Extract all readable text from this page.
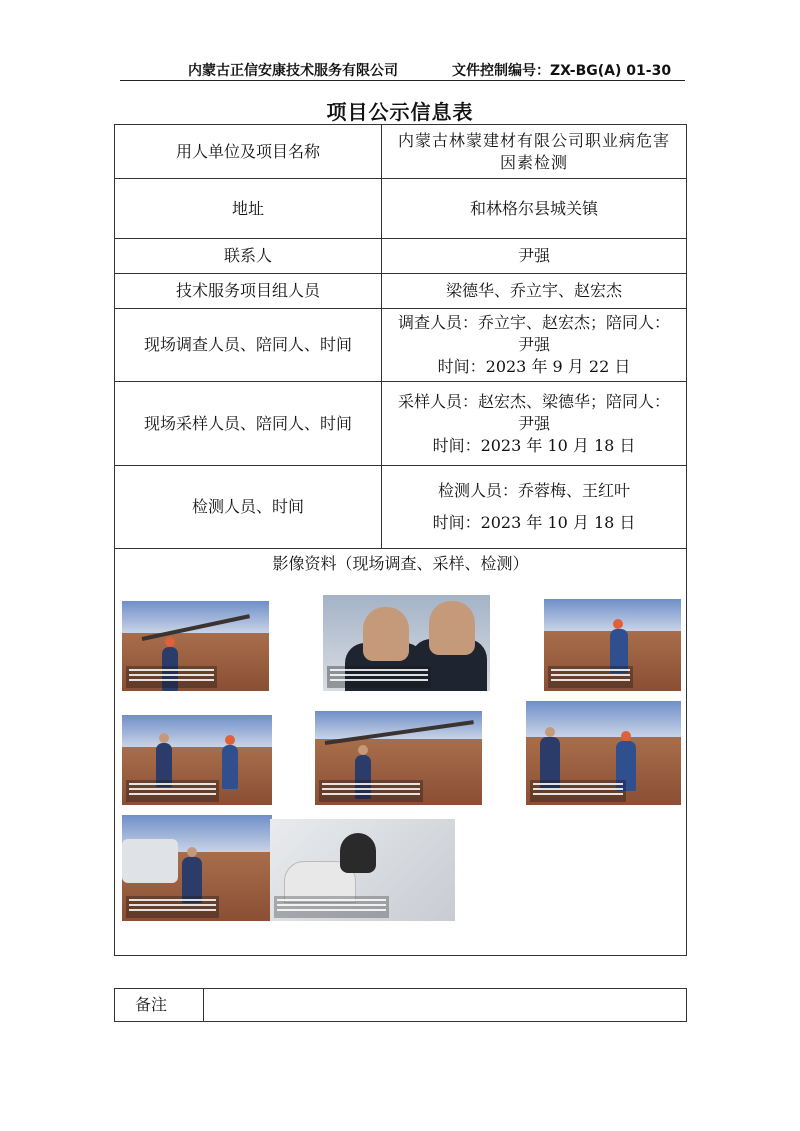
内蒙古正信安康技术服务有限公司	文件控制编号：ZX-BG(A) 01-30
项目公示信息表
用人单位及项目名称	内蒙古林蒙建材有限公司职业病危害
因素检测

地址	和林格尔县城关镇

联系人	尹强

技术服务项目组人员	梁德华、乔立宇、赵宏杰

现场调查人员、陪同人、时间	调查人员：乔立宇、赵宏杰；陪同人：
尹强
时间：2023 年 9 月 22 日

现场采样人员、陪同人、时间	采样人员：赵宏杰、梁德华；陪同人：
尹强
时间：2023 年 10 月 18 日

检测人员、时间	检测人员：乔蓉梅、王红叶
时间：2023 年 10 月 18 日

影像资料（现场调查、采样、检测）	
备注	
